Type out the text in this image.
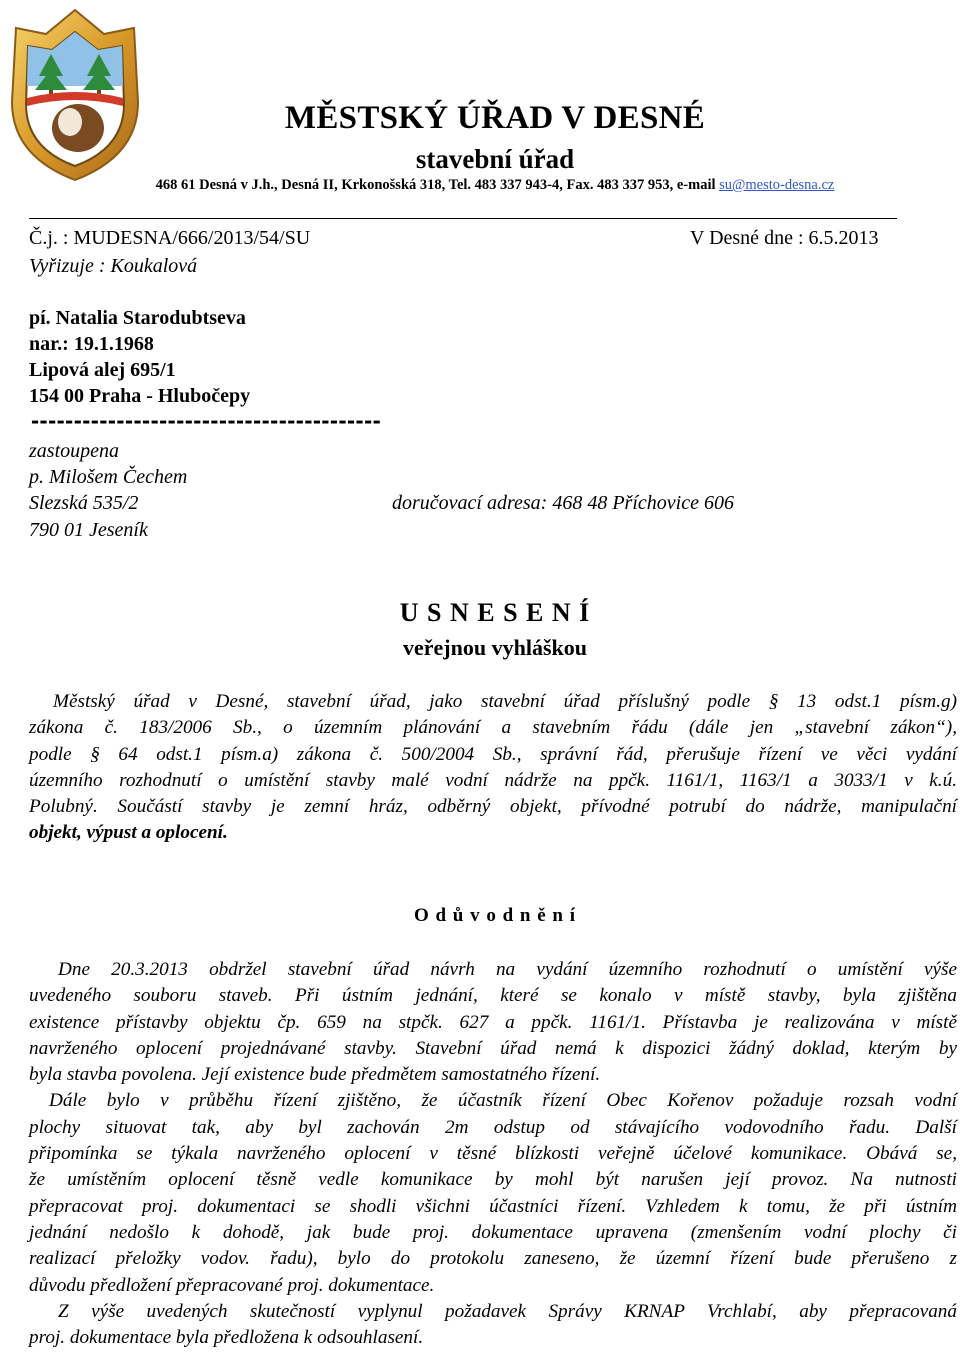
MĚSTSKÝ ÚŘAD V DESNÉ
stavební úřad
468 61 Desná v J.h., Desná II, Krkonošská 318, Tel. 483 337 943-4, Fax. 483 337 953, e-mail su@mesto-desna.cz
Č.j. : MUDESNA/666/2013/54/SU	V Desné dne : 6.5.2013
Vyřizuje : Koukalová
pí. Natalia Starodubtseva
nar.: 19.1.1968
Lipová alej 695/1
154 00 Praha - Hlubočepy
-----------------------------------------
zastoupena
p. Milošem Čechem
Slezská 535/2	doručovací adresa: 468 48 Příchovice 606
790 01 Jeseník
U S N E S E N Í
veřejnou vyhláškou
Městský úřad v Desné, stavební úřad, jako stavební úřad příslušný podle § 13 odst.1 písm.g)
zákona č. 183/2006 Sb., o územním plánování a stavebním řádu (dále jen „stavební zákon“),
podle § 64 odst.1 písm.a) zákona č. 500/2004 Sb., správní řád, přerušuje řízení ve věci vydání
územního rozhodnutí o umístění stavby malé vodní nádrže na ppčk. 1161/1, 1163/1 a 3033/1 v k.ú.
Polubný. Součástí stavby je zemní hráz, odběrný objekt, přívodné potrubí do nádrže, manipulační
objekt, výpust a oplocení.
O d ů v o d n ě n í
Dne 20.3.2013 obdržel stavební úřad návrh na vydání územního rozhodnutí o umístění výše
uvedeného souboru staveb. Při ústním jednání, které se konalo v místě stavby, byla zjištěna
existence přístavby objektu čp. 659 na stpčk. 627 a ppčk. 1161/1. Přístavba je realizována v místě
navrženého oplocení projednávané stavby. Stavební úřad nemá k dispozici žádný doklad, kterým by
byla stavba povolena. Její existence bude předmětem samostatného řízení.
Dále bylo v průběhu řízení zjištěno, že účastník řízení Obec Kořenov požaduje rozsah vodní
plochy situovat tak, aby byl zachován 2m odstup od stávajícího vodovodního řadu. Další
připomínka se týkala navrženého oplocení v těsné blízkosti veřejně účelové komunikace. Obává se,
že umístěním oplocení těsně vedle komunikace by mohl být narušen její provoz. Na nutnosti
přepracovat proj. dokumentaci se shodli všichni účastníci řízení. Vzhledem k tomu, že při ústním
jednání nedošlo k dohodě, jak bude proj. dokumentace upravena (zmenšením vodní plochy či
realizací přeložky vodov. řadu), bylo do protokolu zaneseno, že územní řízení bude přerušeno z
důvodu předložení přepracované proj. dokumentace.
Z výše uvedených skutečností vyplynul požadavek Správy KRNAP Vrchlabí, aby přepracovaná
proj. dokumentace byla předložena k odsouhlasení.
